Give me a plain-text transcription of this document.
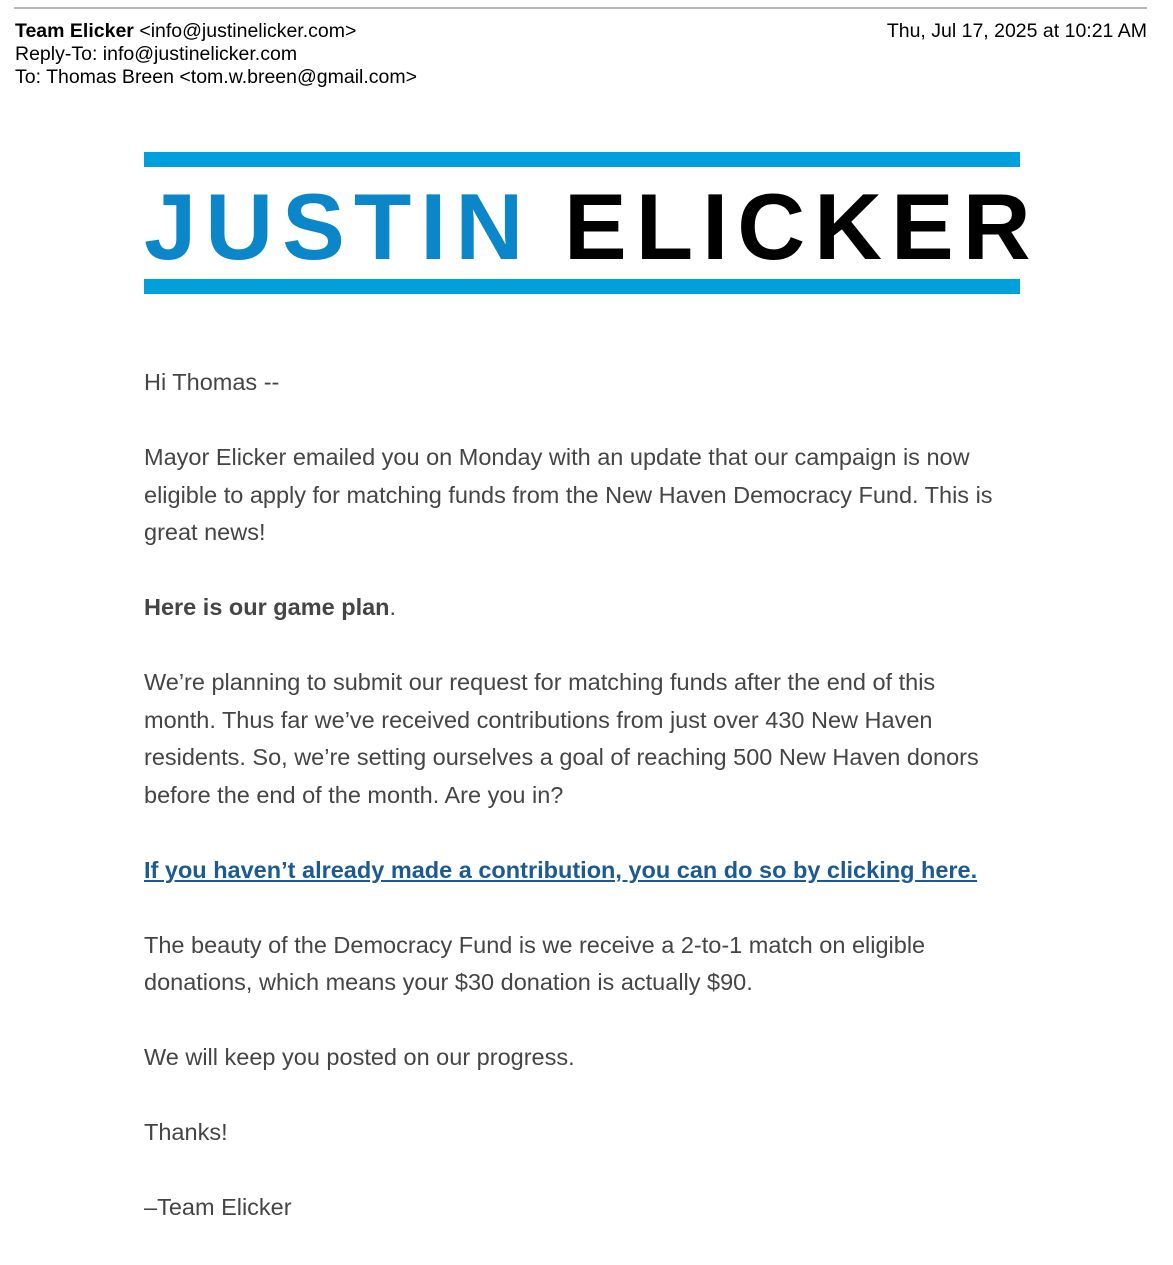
Team Elicker <info@justinelicker.com>	Thu, Jul 17, 2025 at 10:21 AM
Reply-To: info@justinelicker.com
To: Thomas Breen <tom.w.breen@gmail.com>
JUSTIN ELICKER

Hi Thomas --

Mayor Elicker emailed you on Monday with an update that our campaign is now eligible to apply for matching funds from the New Haven Democracy Fund. This is great news!

Here is our game plan.

We’re planning to submit our request for matching funds after the end of this month. Thus far we’ve received contributions from just over 430 New Haven residents. So, we’re setting ourselves a goal of reaching 500 New Haven donors before the end of the month. Are you in?

If you haven’t already made a contribution, you can do so by clicking here.

The beauty of the Democracy Fund is we receive a 2-to-1 match on eligible donations, which means your $30 donation is actually $90.

We will keep you posted on our progress.

Thanks!

–Team Elicker
